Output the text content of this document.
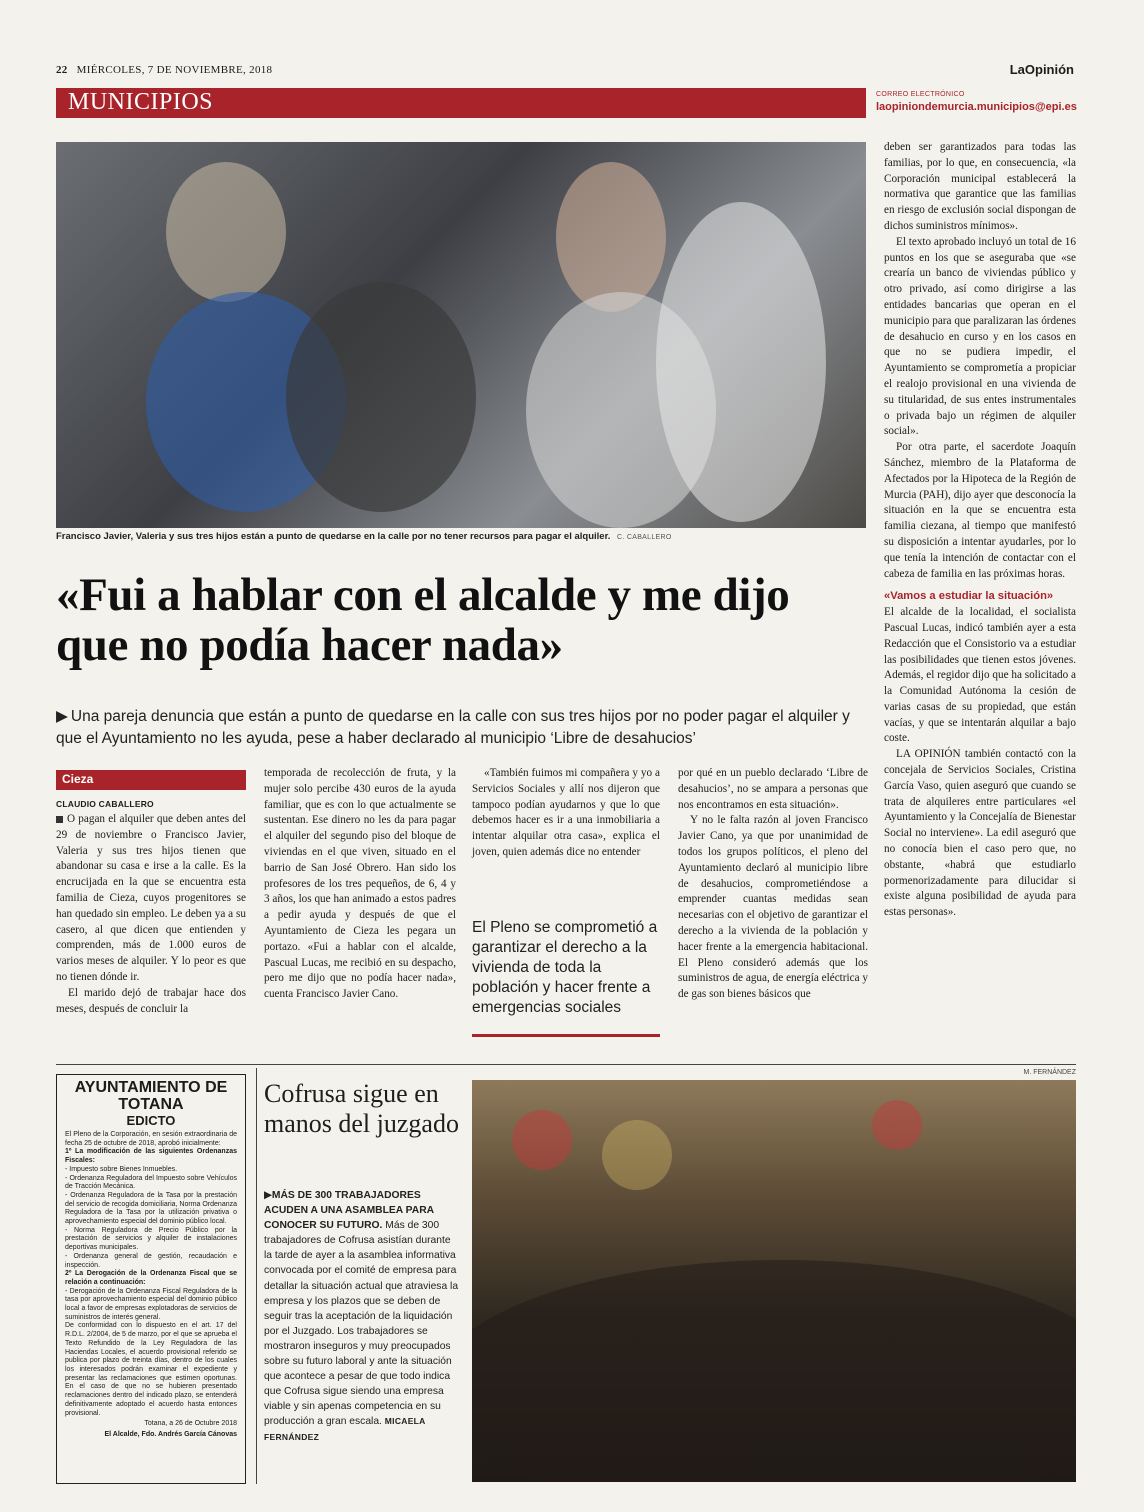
22 MIÉRCOLES, 7 DE NOVIEMBRE, 2018	LaOpinión
MUNICIPIOS	CORREO ELECTRÓNICO
laopiniondemurcia.municipios@epi.es
Francisco Javier, Valeria y sus tres hijos están a punto de quedarse en la calle por no tener recursos para pagar el alquiler. C. CABALLERO
«Fui a hablar con el alcalde y me dijo que no podía hacer nada»
▶ Una pareja denuncia que están a punto de quedarse en la calle con sus tres hijos por no poder pagar el alquiler y que el Ayuntamiento no les ayuda, pese a haber declarado al municipio ‘Libre de desahucios’
Cieza
CLAUDIO CABALLERO

O pagan el alquiler que deben antes del 29 de noviembre o Francisco Javier, Valeria y sus tres hijos tienen que abandonar su casa e irse a la calle. Es la encrucijada en la que se encuentra esta familia de Cieza, cuyos progenitores se han quedado sin empleo. Le deben ya a su casero, al que dicen que entienden y comprenden, más de 1.000 euros de varios meses de alquiler. Y lo peor es que no tienen dónde ir.

El marido dejó de trabajar hace dos meses, después de concluir la

temporada de recolección de fruta, y la mujer solo percibe 430 euros de la ayuda familiar, que es con lo que actualmente se sustentan. Ese dinero no les da para pagar el alquiler del segundo piso del bloque de viviendas en el que viven, situado en el barrio de San José Obrero. Han sido los profesores de los tres pequeños, de 6, 4 y 3 años, los que han animado a estos padres a pedir ayuda y después de que el Ayuntamiento de Cieza les pegara un portazo. «Fui a hablar con el alcalde, Pascual Lucas, me recibió en su despacho, pero me dijo que no podía hacer nada», cuenta Francisco Javier Cano.

«También fuimos mi compañera y yo a Servicios Sociales y allí nos dijeron que tampoco podían ayudarnos y que lo que debemos hacer es ir a una inmobiliaria a intentar alquilar otra casa», explica el joven, quien además dice no entender

El Pleno se comprometió a garantizar el derecho a la vivienda de toda la población y hacer frente a emergencias sociales

por qué en un pueblo declarado ‘Libre de desahucios’, no se ampara a personas que nos encontramos en esta situación».

Y no le falta razón al joven Francisco Javier Cano, ya que por unanimidad de todos los grupos políticos, el pleno del Ayuntamiento declaró al municipio libre de desahucios, comprometiéndose a emprender cuantas medidas sean necesarias con el objetivo de garantizar el derecho a la vivienda de la población y hacer frente a la emergencia habitacional. El Pleno consideró además que los suministros de agua, de energía eléctrica y de gas son bienes básicos que

deben ser garantizados para todas las familias, por lo que, en consecuencia, «la Corporación municipal establecerá la normativa que garantice que las familias en riesgo de exclusión social dispongan de dichos suministros mínimos».

El texto aprobado incluyó un total de 16 puntos en los que se aseguraba que «se crearía un banco de viviendas público y otro privado, así como dirigirse a las entidades bancarias que operan en el municipio para que paralizaran las órdenes de desahucio en curso y en los casos en que no se pudiera impedir, el Ayuntamiento se comprometía a propiciar el realojo provisional en una vivienda de su titularidad, de sus entes instrumentales o privada bajo un régimen de alquiler social».

Por otra parte, el sacerdote Joaquín Sánchez, miembro de la Plataforma de Afectados por la Hipoteca de la Región de Murcia (PAH), dijo ayer que desconocía la situación en la que se encuentra esta familia ciezana, al tiempo que manifestó su disposición a intentar ayudarles, por lo que tenía la intención de contactar con el cabeza de familia en las próximas horas.

«Vamos a estudiar la situación»

El alcalde de la localidad, el socialista Pascual Lucas, indicó también ayer a esta Redacción que el Consistorio va a estudiar las posibilidades que tienen estos jóvenes. Además, el regidor dijo que ha solicitado a la Comunidad Autónoma la cesión de varias casas de su propiedad, que están vacías, y que se intentarán alquilar a bajo coste.

LA OPINIÓN también contactó con la concejala de Servicios Sociales, Cristina García Vaso, quien aseguró que cuando se trata de alquileres entre particulares «el Ayuntamiento y la Concejalía de Bienestar Social no interviene». La edil aseguró que no conocía bien el caso pero que, no obstante, «habrá que estudiarlo pormenorizadamente para dilucidar si existe alguna posibilidad de ayuda para estas personas».

AYUNTAMIENTO DE TOTANA
EDICTO

El Pleno de la Corporación, en sesión extraordinaria de fecha 25 de octubre de 2018, aprobó inicialmente:

1º La modificación de las siguientes Ordenanzas Fiscales:

- Impuesto sobre Bienes Inmuebles.

- Ordenanza Reguladora del Impuesto sobre Vehículos de Tracción Mecánica.

- Ordenanza Reguladora de la Tasa por la prestación del servicio de recogida domiciliaria, Norma Ordenanza Reguladora de la Tasa por la utilización privativa o aprovechamiento especial del dominio público local.

- Norma Reguladora de Precio Público por la prestación de servicios y alquiler de instalaciones deportivas municipales.

- Ordenanza general de gestión, recaudación e inspección.

2º La Derogación de la Ordenanza Fiscal que se relación a continuación:

- Derogación de la Ordenanza Fiscal Reguladora de la tasa por aprovechamiento especial del dominio público local a favor de empresas explotadoras de servicios de suministros de interés general.

De conformidad con lo dispuesto en el art. 17 del R.D.L. 2/2004, de 5 de marzo, por el que se aprueba el Texto Refundido de la Ley Reguladora de las Haciendas Locales, el acuerdo provisional referido se publica por plazo de treinta días, dentro de los cuales los interesados podrán examinar el expediente y presentar las reclamaciones que estimen oportunas. En el caso de que no se hubieren presentado reclamaciones dentro del indicado plazo, se entenderá definitivamente adoptado el acuerdo hasta entonces provisional.

Totana, a 26 de Octubre 2018
El Alcalde, Fdo. Andrés García Cánovas
Cofrusa sigue en manos del juzgado
▶MÁS DE 300 TRABAJADORES ACUDEN A UNA ASAMBLEA PARA CONOCER SU FUTURO. Más de 300 trabajadores de Cofrusa asistían durante la tarde de ayer a la asamblea informativa convocada por el comité de empresa para detallar la situación actual que atraviesa la empresa y los plazos que se deben de seguir tras la aceptación de la liquidación por el Juzgado. Los trabajadores se mostraron inseguros y muy preocupados sobre su futuro laboral y ante la situación que acontece a pesar de que todo indica que Cofrusa sigue siendo una empresa viable y sin apenas competencia en su producción a gran escala. MICAELA FERNÁNDEZ
M. FERNÁNDEZ
